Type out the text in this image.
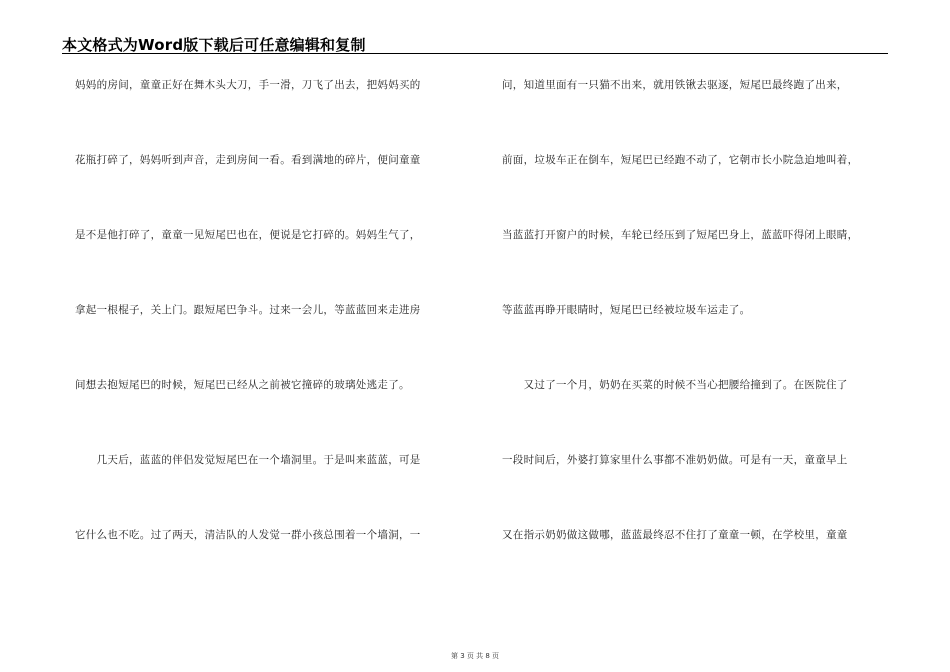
本文格式为Word版下载后可任意编辑和复制
妈妈的房间，童童正好在舞木头大刀，手一滑，刀飞了出去，把妈妈买的
花瓶打碎了，妈妈听到声音，走到房间一看。看到满地的碎片，便问童童
是不是他打碎了，童童一见短尾巴也在，便说是它打碎的。妈妈生气了，
拿起一根棍子，关上门。跟短尾巴争斗。过来一会儿，等蓝蓝回来走进房
间想去抱短尾巴的时候，短尾巴已经从之前被它撞碎的玻璃处逃走了。
　　几天后，蓝蓝的伴侣发觉短尾巴在一个墙洞里。于是叫来蓝蓝，可是
它什么也不吃。过了两天，清洁队的人发觉一群小孩总围着一个墙洞，一
问，知道里面有一只猫不出来，就用铁锹去驱逐，短尾巴最终跑了出来，
前面，垃圾车正在倒车，短尾巴已经跑不动了，它朝市长小院急迫地叫着，
当蓝蓝打开窗户的时候，车轮已经压到了短尾巴身上，蓝蓝吓得闭上眼睛，
等蓝蓝再睁开眼睛时，短尾巴已经被垃圾车运走了。
　　又过了一个月，奶奶在买菜的时候不当心把腰给撞到了。在医院住了
一段时间后，外婆打算家里什么事都不准奶奶做。可是有一天，童童早上
又在指示奶奶做这做哪，蓝蓝最终忍不住打了童童一顿，在学校里，童童
第 3 页 共 8 页
